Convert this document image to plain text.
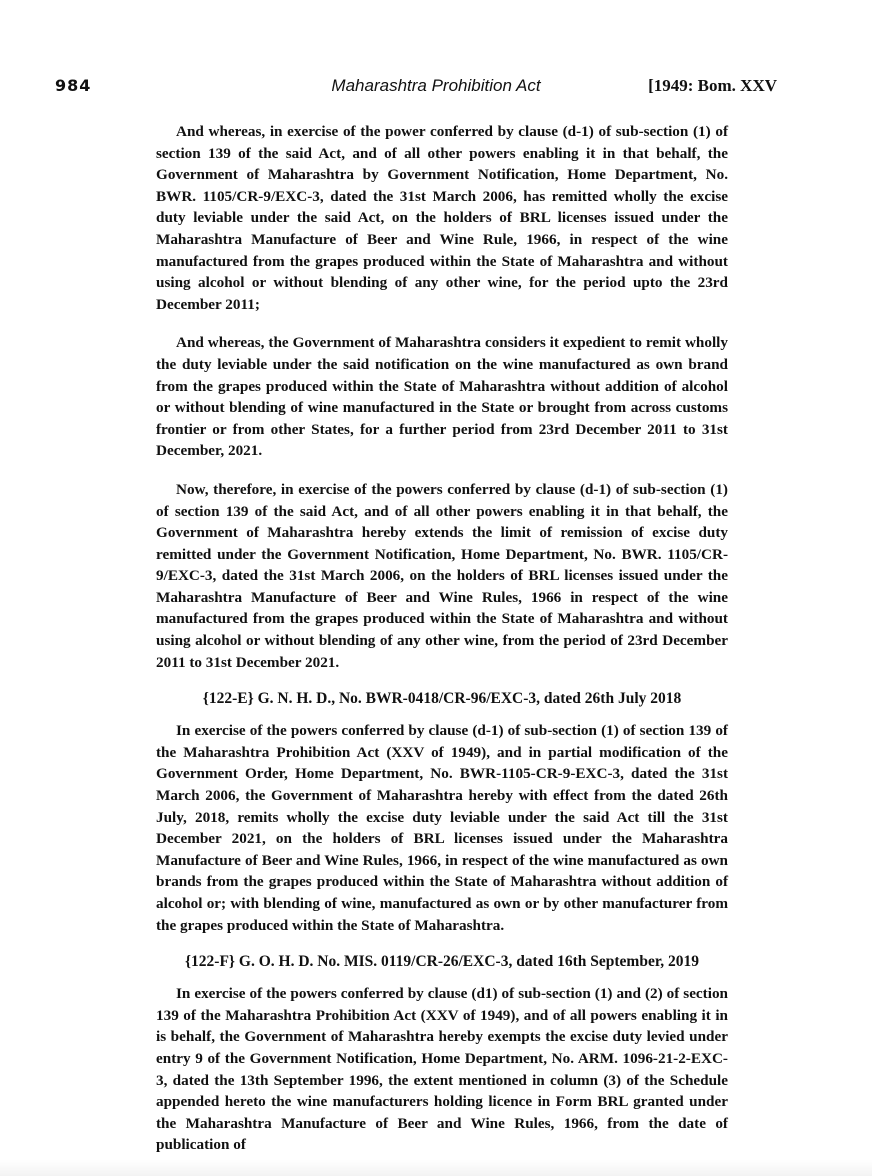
984	Maharashtra Prohibition Act	[1949: Bom. XXV

And whereas, in exercise of the power conferred by clause (d-1) of sub-section (1) of section 139 of the said Act, and of all other powers enabling it in that behalf, the Government of Maharashtra by Government Notification, Home Department, No. BWR. 1105/CR-9/EXC-3, dated the 31st March 2006, has remitted wholly the excise duty leviable under the said Act, on the holders of BRL licenses issued under the Maharashtra Manufacture of Beer and Wine Rule, 1966, in respect of the wine manufactured from the grapes produced within the State of Maharashtra and without using alcohol or without blending of any other wine, for the period upto the 23rd December 2011;

And whereas, the Government of Maharashtra considers it expedient to remit wholly the duty leviable under the said notification on the wine manufactured as own brand from the grapes produced within the State of Maharashtra without addition of alcohol or without blending of wine manufactured in the State or brought from across customs frontier or from other States, for a further period from 23rd December 2011 to 31st December, 2021.

Now, therefore, in exercise of the powers conferred by clause (d-1) of sub-section (1) of section 139 of the said Act, and of all other powers enabling it in that behalf, the Government of Maharashtra hereby extends the limit of remission of excise duty remitted under the Government Notification, Home Department, No. BWR. 1105/CR-9/EXC-3, dated the 31st March 2006, on the holders of BRL licenses issued under the Maharashtra Manufacture of Beer and Wine Rules, 1966 in respect of the wine manufactured from the grapes produced within the State of Maharashtra and without using alcohol or without blending of any other wine, from the period of 23rd December 2011 to 31st December 2021.

{122-E} G. N. H. D., No. BWR-0418/CR-96/EXC-3, dated 26th July 2018

In exercise of the powers conferred by clause (d-1) of sub-section (1) of section 139 of the Maharashtra Prohibition Act (XXV of 1949), and in partial modification of the Government Order, Home Department, No. BWR-1105-CR-9-EXC-3, dated the 31st March 2006, the Government of Maharashtra hereby with effect from the dated 26th July, 2018, remits wholly the excise duty leviable under the said Act till the 31st December 2021, on the holders of BRL licenses issued under the Maharashtra Manufacture of Beer and Wine Rules, 1966, in respect of the wine manufactured as own brands from the grapes produced within the State of Maharashtra without addition of alcohol or; with blending of wine, manufactured as own or by other manufacturer from the grapes produced within the State of Maharashtra.

{122-F} G. O. H. D. No. MIS. 0119/CR-26/EXC-3, dated 16th September, 2019

In exercise of the powers conferred by clause (d1) of sub-section (1) and (2) of section 139 of the Maharashtra Prohibition Act (XXV of 1949), and of all powers enabling it in is behalf, the Government of Maharashtra hereby exempts the excise duty levied under entry 9 of the Government Notification, Home Department, No. ARM. 1096-21-2-EXC-3, dated the 13th September 1996, the extent mentioned in column (3) of the Schedule appended hereto the wine manufacturers holding licence in Form BRL granted under the Maharashtra Manufacture of Beer and Wine Rules, 1966, from the date of publication of
